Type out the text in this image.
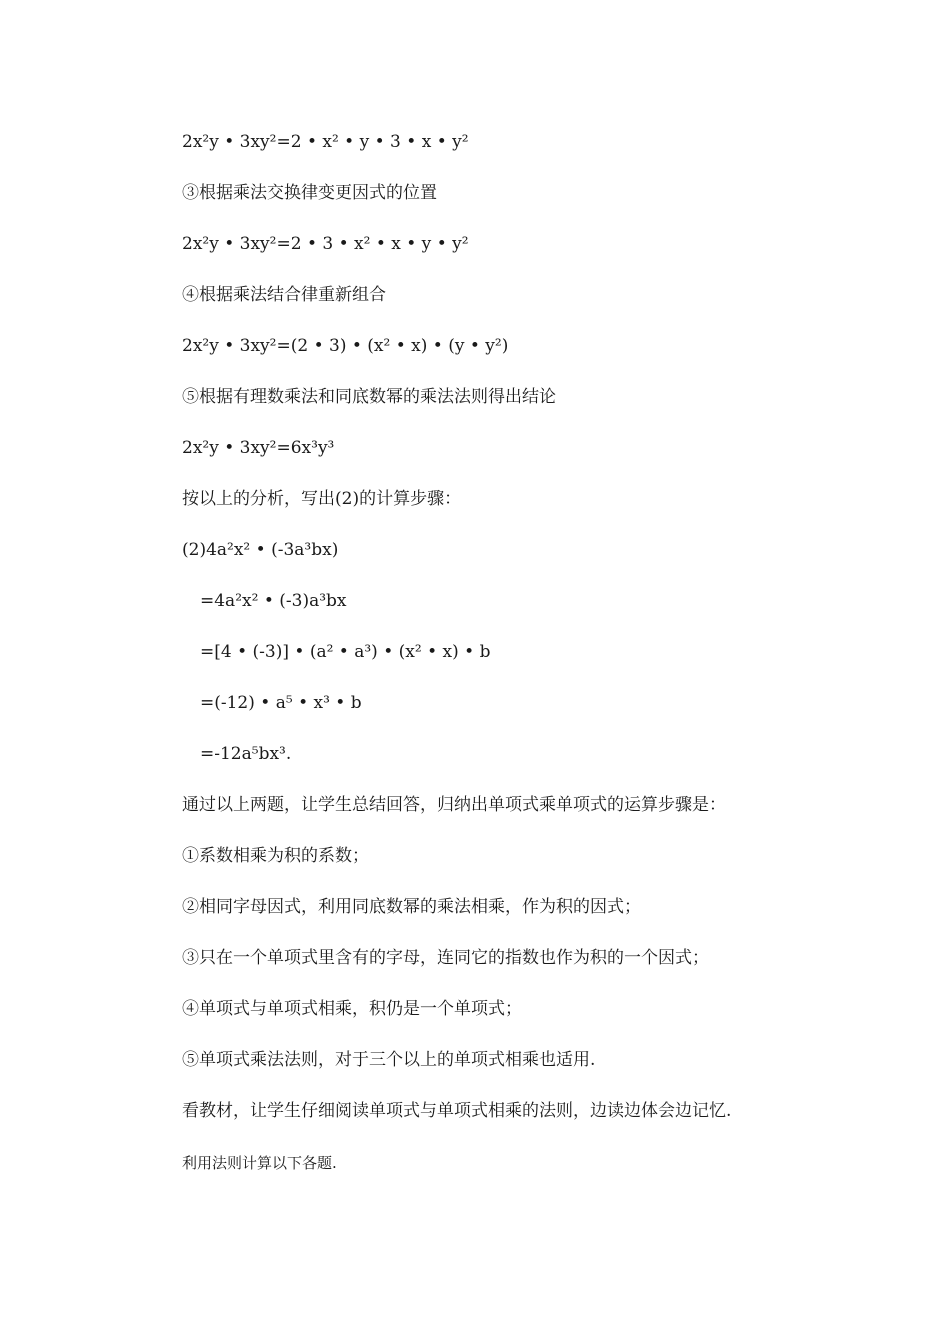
2x²y • 3xy²=2 • x² • y • 3 • x • y²
③根据乘法交换律变更因式的位置
2x²y • 3xy²=2 • 3 • x² • x • y • y²
④根据乘法结合律重新组合
2x²y • 3xy²=(2 • 3) • (x² • x) • (y • y²)
⑤根据有理数乘法和同底数幂的乘法法则得出结论
2x²y • 3xy²=6x³y³
按以上的分析，写出(2)的计算步骤：
(2)4a²x² • (-3a³bx)
=4a²x² • (-3)a³bx
=[4 • (-3)] • (a² • a³) • (x² • x) • b
=(-12) • a⁵ • x³ • b
=-12a⁵bx³.
通过以上两题，让学生总结回答，归纳出单项式乘单项式的运算步骤是：
①系数相乘为积的系数；
②相同字母因式，利用同底数幂的乘法相乘，作为积的因式；
③只在一个单项式里含有的字母，连同它的指数也作为积的一个因式；
④单项式与单项式相乘，积仍是一个单项式；
⑤单项式乘法法则，对于三个以上的单项式相乘也适用.
看教材，让学生仔细阅读单项式与单项式相乘的法则，边读边体会边记忆.
利用法则计算以下各题.
